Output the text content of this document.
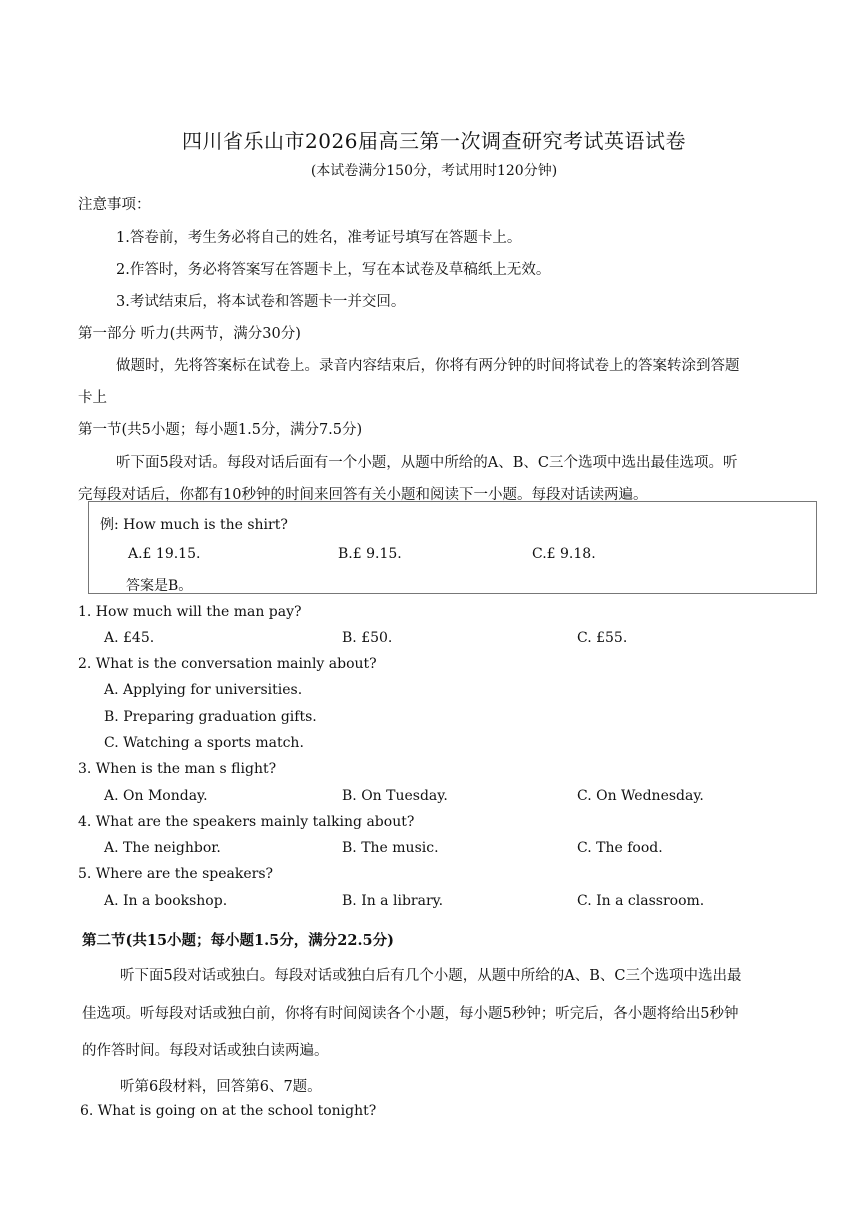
四川省乐山市2026届高三第一次调查研究考试英语试卷
(本试卷满分150分，考试用时120分钟)
注意事项：
1.答卷前，考生务必将自己的姓名，准考证号填写在答题卡上。
2.作答时，务必将答案写在答题卡上，写在本试卷及草稿纸上无效。
3.考试结束后，将本试卷和答题卡一并交回。
第一部分 听力(共两节，满分30分)
做题时，先将答案标在试卷上。录音内容结束后，你将有两分钟的时间将试卷上的答案转涂到答题
卡上
第一节(共5小题；每小题1.5分，满分7.5分)
听下面5段对话。每段对话后面有一个小题，从题中所给的A、B、C三个选项中选出最佳选项。听
完每段对话后，你都有10秒钟的时间来回答有关小题和阅读下一小题。每段对话读两遍。
例: How much is the shirt?
A.£ 19.15.	B.£ 9.15.	C.£ 9.18.
答案是B。
1. How much will the man pay?
A. £45.	B. £50.	C. £55.
2. What is the conversation mainly about?
A. Applying for universities.
B. Preparing graduation gifts.
C. Watching a sports match.
3. When is the man s flight?
A. On Monday.	B. On Tuesday.	C. On Wednesday.
4. What are the speakers mainly talking about?
A. The neighbor.	B. The music.	C. The food.
5. Where are the speakers?
A. In a bookshop.	B. In a library.	C. In a classroom.
第二节(共15小题；每小题1.5分，满分22.5分)
听下面5段对话或独白。每段对话或独白后有几个小题，从题中所给的A、B、C三个选项中选出最
佳选项。听每段对话或独白前，你将有时间阅读各个小题，每小题5秒钟；听完后，各小题将给出5秒钟
的作答时间。每段对话或独白读两遍。
听第6段材料，回答第6、7题。
6. What is going on at the school tonight?
